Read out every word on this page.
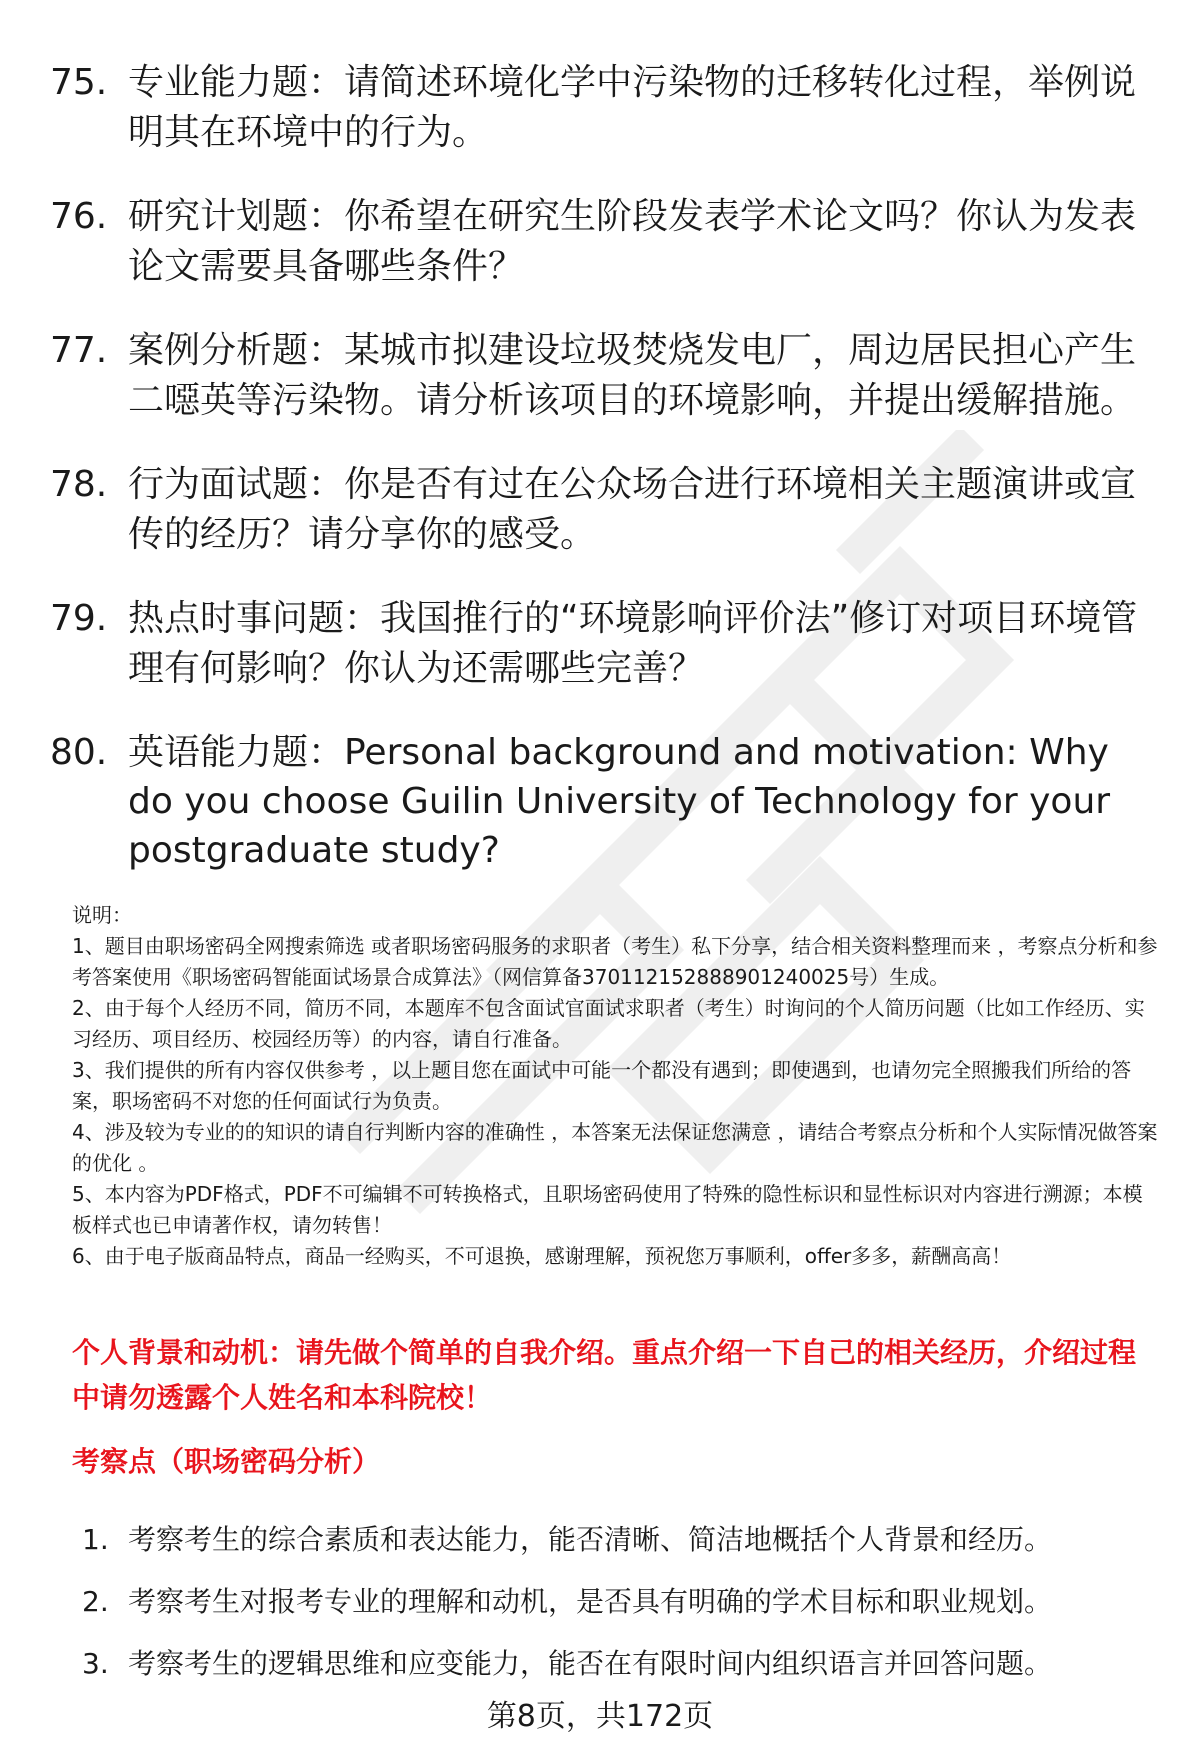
75. 专业能力题：请简述环境化学中污染物的迁移转化过程，举例说明其在环境中的行为。
76. 研究计划题：你希望在研究生阶段发表学术论文吗？你认为发表论文需要具备哪些条件？
77. 案例分析题：某城市拟建设垃圾焚烧发电厂，周边居民担心产生二噁英等污染物。请分析该项目的环境影响，并提出缓解措施。
78. 行为面试题：你是否有过在公众场合进行环境相关主题演讲或宣传的经历？请分享你的感受。
79. 热点时事问题：我国推行的“环境影响评价法”修订对项目环境管理有何影响？你认为还需哪些完善？
80. 英语能力题：Personal background and motivation: Why do you choose Guilin University of Technology for your postgraduate study?

说明：

1、题目由职场密码全网搜索筛选 或者职场密码服务的求职者（考生）私下分享，结合相关资料整理而来 ，考察点分析和参考答案使用《职场密码智能面试场景合成算法》（网信算备370112152888901240025号）生成。

2、由于每个人经历不同，简历不同，本题库不包含面试官面试求职者（考生）时询问的个人简历问题（比如工作经历、实习经历、项目经历、校园经历等）的内容，请自行准备。

3、我们提供的所有内容仅供参考 ，以上题目您在面试中可能一个都没有遇到；即使遇到，也请勿完全照搬我们所给的答案，职场密码不对您的任何面试行为负责。

4、涉及较为专业的的知识的请自行判断内容的准确性 ，本答案无法保证您满意 ，请结合考察点分析和个人实际情况做答案的优化 。

5、本内容为PDF格式，PDF不可编辑不可转换格式，且职场密码使用了特殊的隐性标识和显性标识对内容进行溯源；本模板样式也已申请著作权，请勿转售！

6、由于电子版商品特点，商品一经购买，不可退换，感谢理解，预祝您万事顺利，offer多多，薪酬高高！

个人背景和动机：请先做个简单的自我介绍。重点介绍一下自己的相关经历，介绍过程中请勿透露个人姓名和本科院校！
考察点（职场密码分析）
1. 考察考生的综合素质和表达能力，能否清晰、简洁地概括个人背景和经历。
2. 考察考生对报考专业的理解和动机，是否具有明确的学术目标和职业规划。
3. 考察考生的逻辑思维和应变能力，能否在有限时间内组织语言并回答问题。
第8页，共172页
